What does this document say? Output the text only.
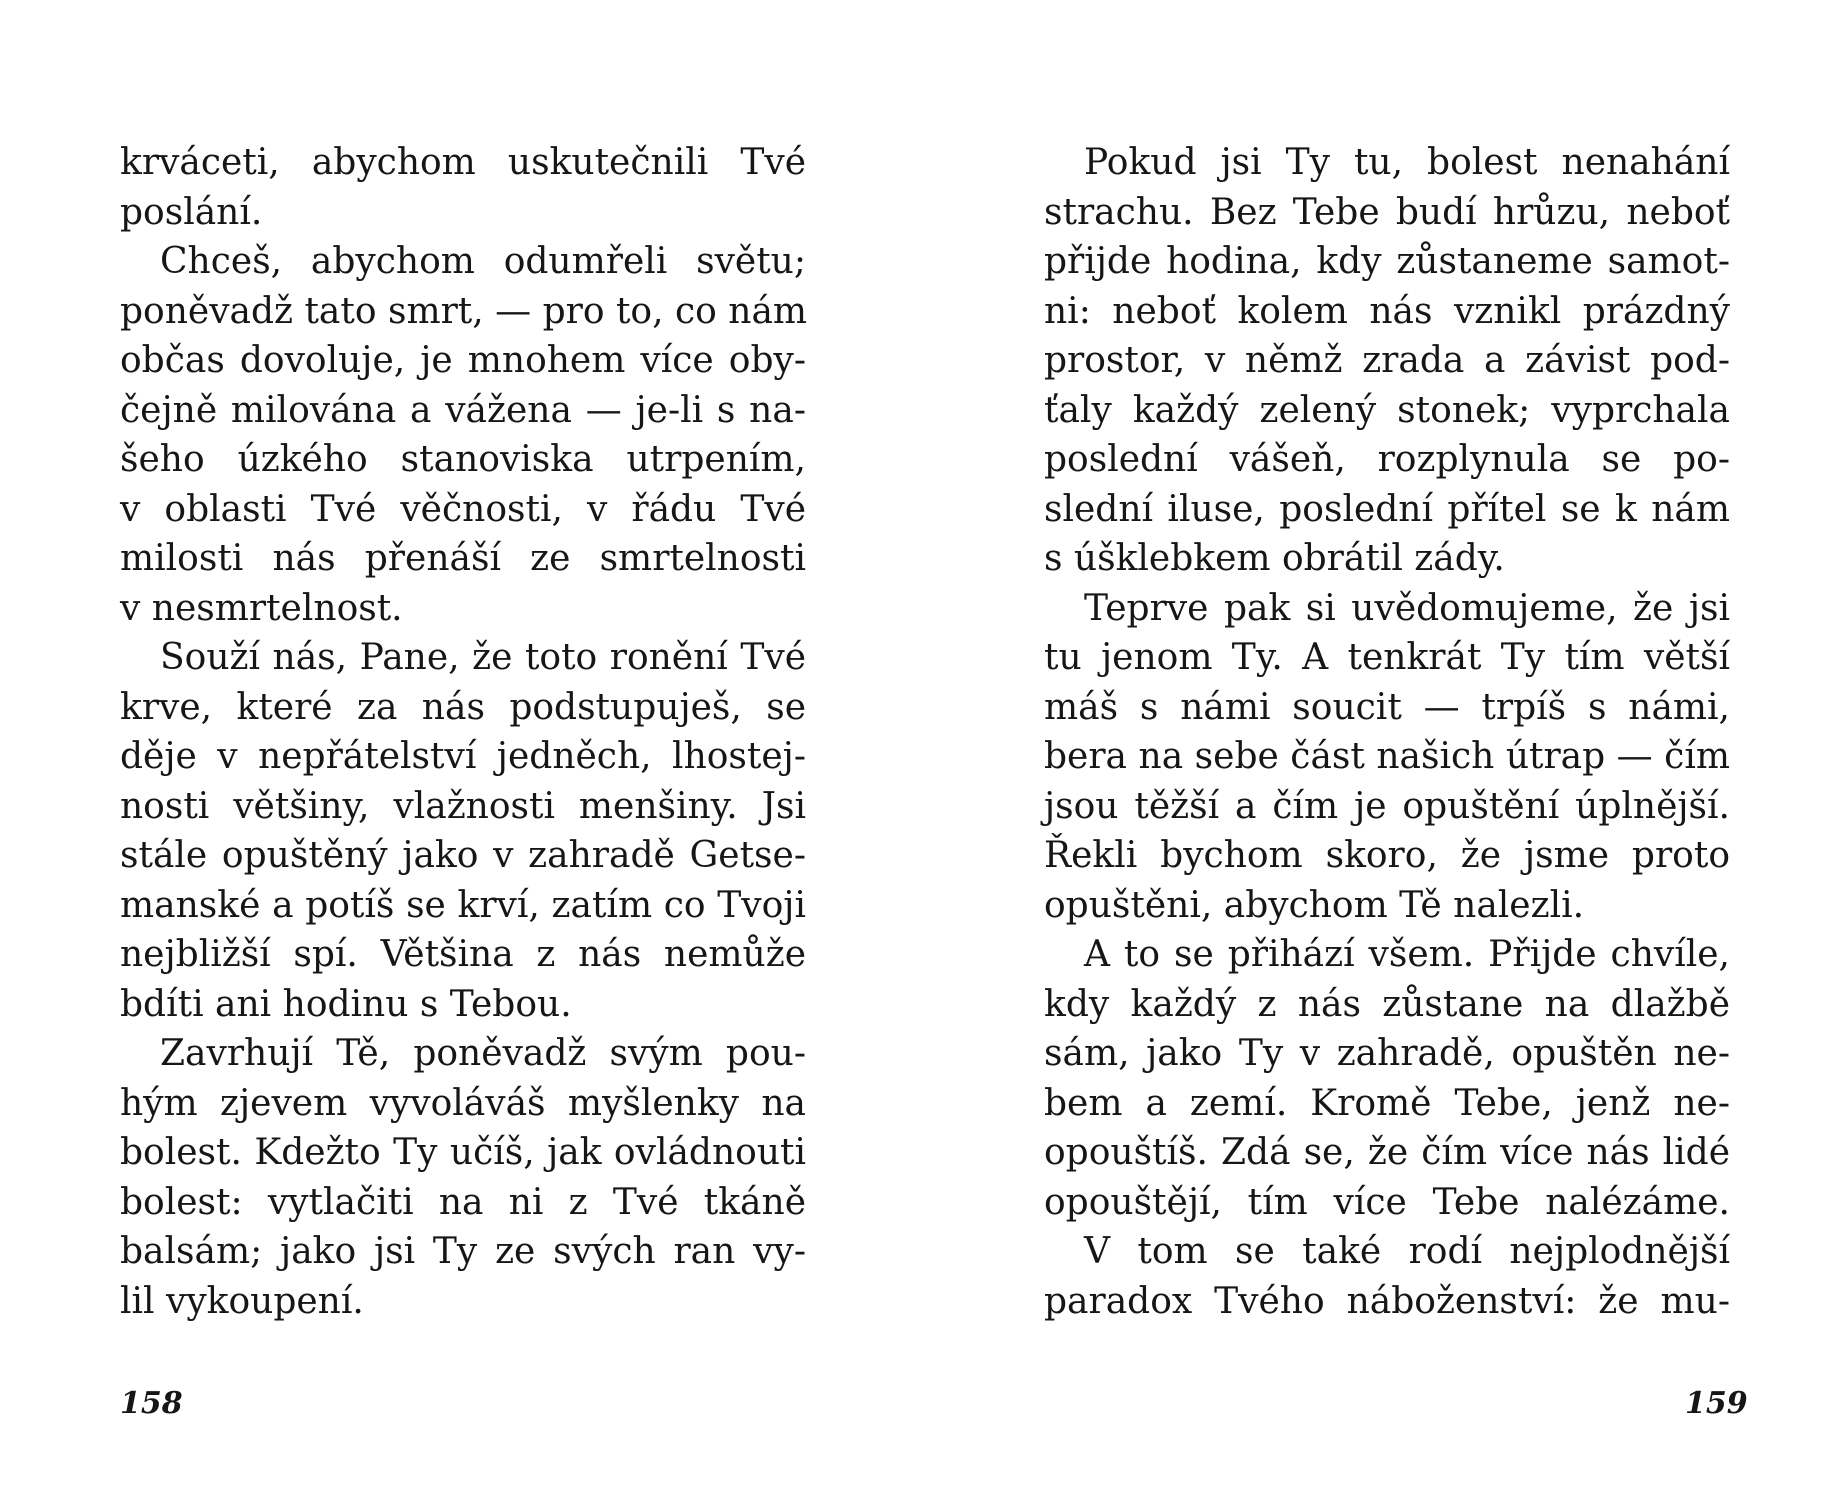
krváceti, abychom uskutečnili Tvé
poslání.
Chceš, abychom odumřeli světu;
poněvadž tato smrt, — pro to, co nám
občas dovoluje, je mnohem více oby-
čejně milována a vážena — je-li s na-
šeho úzkého stanoviska utrpením,
v oblasti Tvé věčnosti, v řádu Tvé
milosti nás přenáší ze smrtelnosti
v nesmrtelnost.
Souží nás, Pane, že toto ronění Tvé
krve, které za nás podstupuješ, se
děje v nepřátelství jedněch, lhostej-
nosti většiny, vlažnosti menšiny. Jsi
stále opuštěný jako v zahradě Getse-
manské a potíš se krví, zatím co Tvoji
nejbližší spí. Většina z nás nemůže
bdíti ani hodinu s Tebou.
Zavrhují Tě, poněvadž svým pou-
hým zjevem vyvoláváš myšlenky na
bolest. Kdežto Ty učíš, jak ovládnouti
bolest: vytlačiti na ni z Tvé tkáně
balsám; jako jsi Ty ze svých ran vy-
lil vykoupení.
158
Pokud jsi Ty tu, bolest nenahání
strachu. Bez Tebe budí hrůzu, neboť
přijde hodina, kdy zůstaneme samot-
ni: neboť kolem nás vznikl prázdný
prostor, v němž zrada a závist pod-
ťaly každý zelený stonek; vyprchala
poslední vášeň, rozplynula se po-
slední iluse, poslední přítel se k nám
s úšklebkem obrátil zády.
Teprve pak si uvědomujeme, že jsi
tu jenom Ty. A tenkrát Ty tím větší
máš s námi soucit — trpíš s námi,
bera na sebe část našich útrap — čím
jsou těžší a čím je opuštění úplnější.
Řekli bychom skoro, že jsme proto
opuštěni, abychom Tě nalezli.
A to se přihází všem. Přijde chvíle,
kdy každý z nás zůstane na dlažbě
sám, jako Ty v zahradě, opuštěn ne-
bem a zemí. Kromě Tebe, jenž ne-
opouštíš. Zdá se, že čím více nás lidé
opouštějí, tím více Tebe nalézáme.
V tom se také rodí nejplodnější
paradox Tvého náboženství: že mu-
159
